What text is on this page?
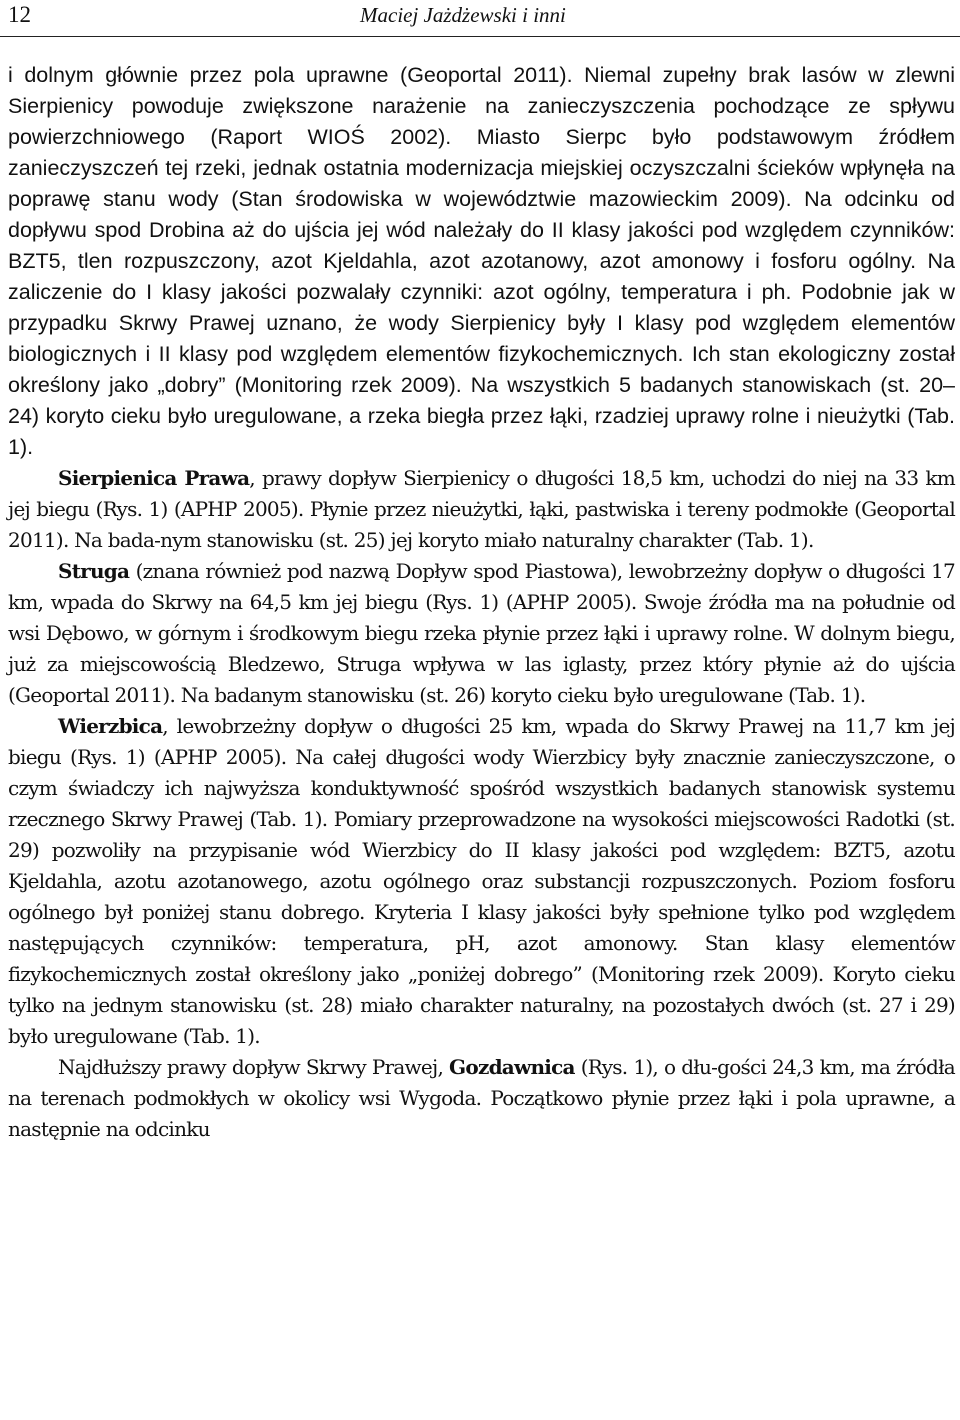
12	Maciej Jażdżewski i inni

i dolnym głównie przez pola uprawne (Geoportal 2011). Niemal zupełny brak lasów w zlewni Sierpienicy powoduje zwiększone narażenie na zanieczyszczenia pochodzące ze spływu powierzchniowego (Raport WIOŚ 2002). Miasto Sierpc było podstawowym źródłem zanieczyszczeń tej rzeki, jednak ostatnia modernizacja miejskiej oczyszczalni ścieków wpłynęła na poprawę stanu wody (Stan środowiska w województwie mazowieckim 2009). Na odcinku od dopływu spod Drobina aż do ujścia jej wód należały do II klasy jakości pod względem czynników: BZT5, tlen rozpuszczony, azot Kjeldahla, azot azotanowy, azot amonowy i fosforu ogólny. Na zaliczenie do I klasy jakości pozwalały czynniki: azot ogólny, temperatura i ph. Podobnie jak w przypadku Skrwy Prawej uznano, że wody Sierpienicy były I klasy pod względem elementów biologicznych i II klasy pod względem elementów fizykochemicznych. Ich stan ekologiczny został określony jako „dobry” (Monitoring rzek 2009). Na wszystkich 5 badanych stanowiskach (st. 20– 24) koryto cieku było uregulowane, a rzeka biegła przez łąki, rzadziej uprawy rolne i nieużytki (Tab. 1).

Sierpienica Prawa, prawy dopływ Sierpienicy o długości 18,5 km, uchodzi do niej na 33 km jej biegu (Rys. 1) (APHP 2005). Płynie przez nieużytki, łąki, pastwiska i tereny podmokłe (Geoportal 2011). Na bada-nym stanowisku (st. 25) jej koryto miało naturalny charakter (Tab. 1).

Struga (znana również pod nazwą Dopływ spod Piastowa), lewobrzeżny dopływ o długości 17 km, wpada do Skrwy na 64,5 km jej biegu (Rys. 1) (APHP 2005). Swoje źródła ma na południe od wsi Dębowo, w górnym i środkowym biegu rzeka płynie przez łąki i uprawy rolne. W dolnym biegu, już za miejscowością Bledzewo, Struga wpływa w las iglasty, przez który płynie aż do ujścia (Geoportal 2011). Na badanym stanowisku (st. 26) koryto cieku było uregulowane (Tab. 1).

Wierzbica, lewobrzeżny dopływ o długości 25 km, wpada do Skrwy Prawej na 11,7 km jej biegu (Rys. 1) (APHP 2005). Na całej długości wody Wierzbicy były znacznie zanieczyszczone, o czym świadczy ich najwyższa konduktywność spośród wszystkich badanych stanowisk systemu rzecznego Skrwy Prawej (Tab. 1). Pomiary przeprowadzone na wysokości miejscowości Radotki (st. 29) pozwoliły na przypisanie wód Wierzbicy do II klasy jakości pod względem: BZT5, azotu Kjeldahla, azotu azotanowego, azotu ogólnego oraz substancji rozpuszczonych. Poziom fosforu ogólnego był poniżej stanu dobrego. Kryteria I klasy jakości były spełnione tylko pod względem następujących czynników: temperatura, pH, azot amonowy. Stan klasy elementów fizykochemicznych został określony jako „poniżej dobrego” (Monitoring rzek 2009). Koryto cieku tylko na jednym stanowisku (st. 28) miało charakter naturalny, na pozostałych dwóch (st. 27 i 29) było uregulowane (Tab. 1).

Najdłuższy prawy dopływ Skrwy Prawej, Gozdawnica (Rys. 1), o dłu-gości 24,3 km, ma źródła na terenach podmokłych w okolicy wsi Wygoda. Początkowo płynie przez łąki i pola uprawne, a następnie na odcinku
